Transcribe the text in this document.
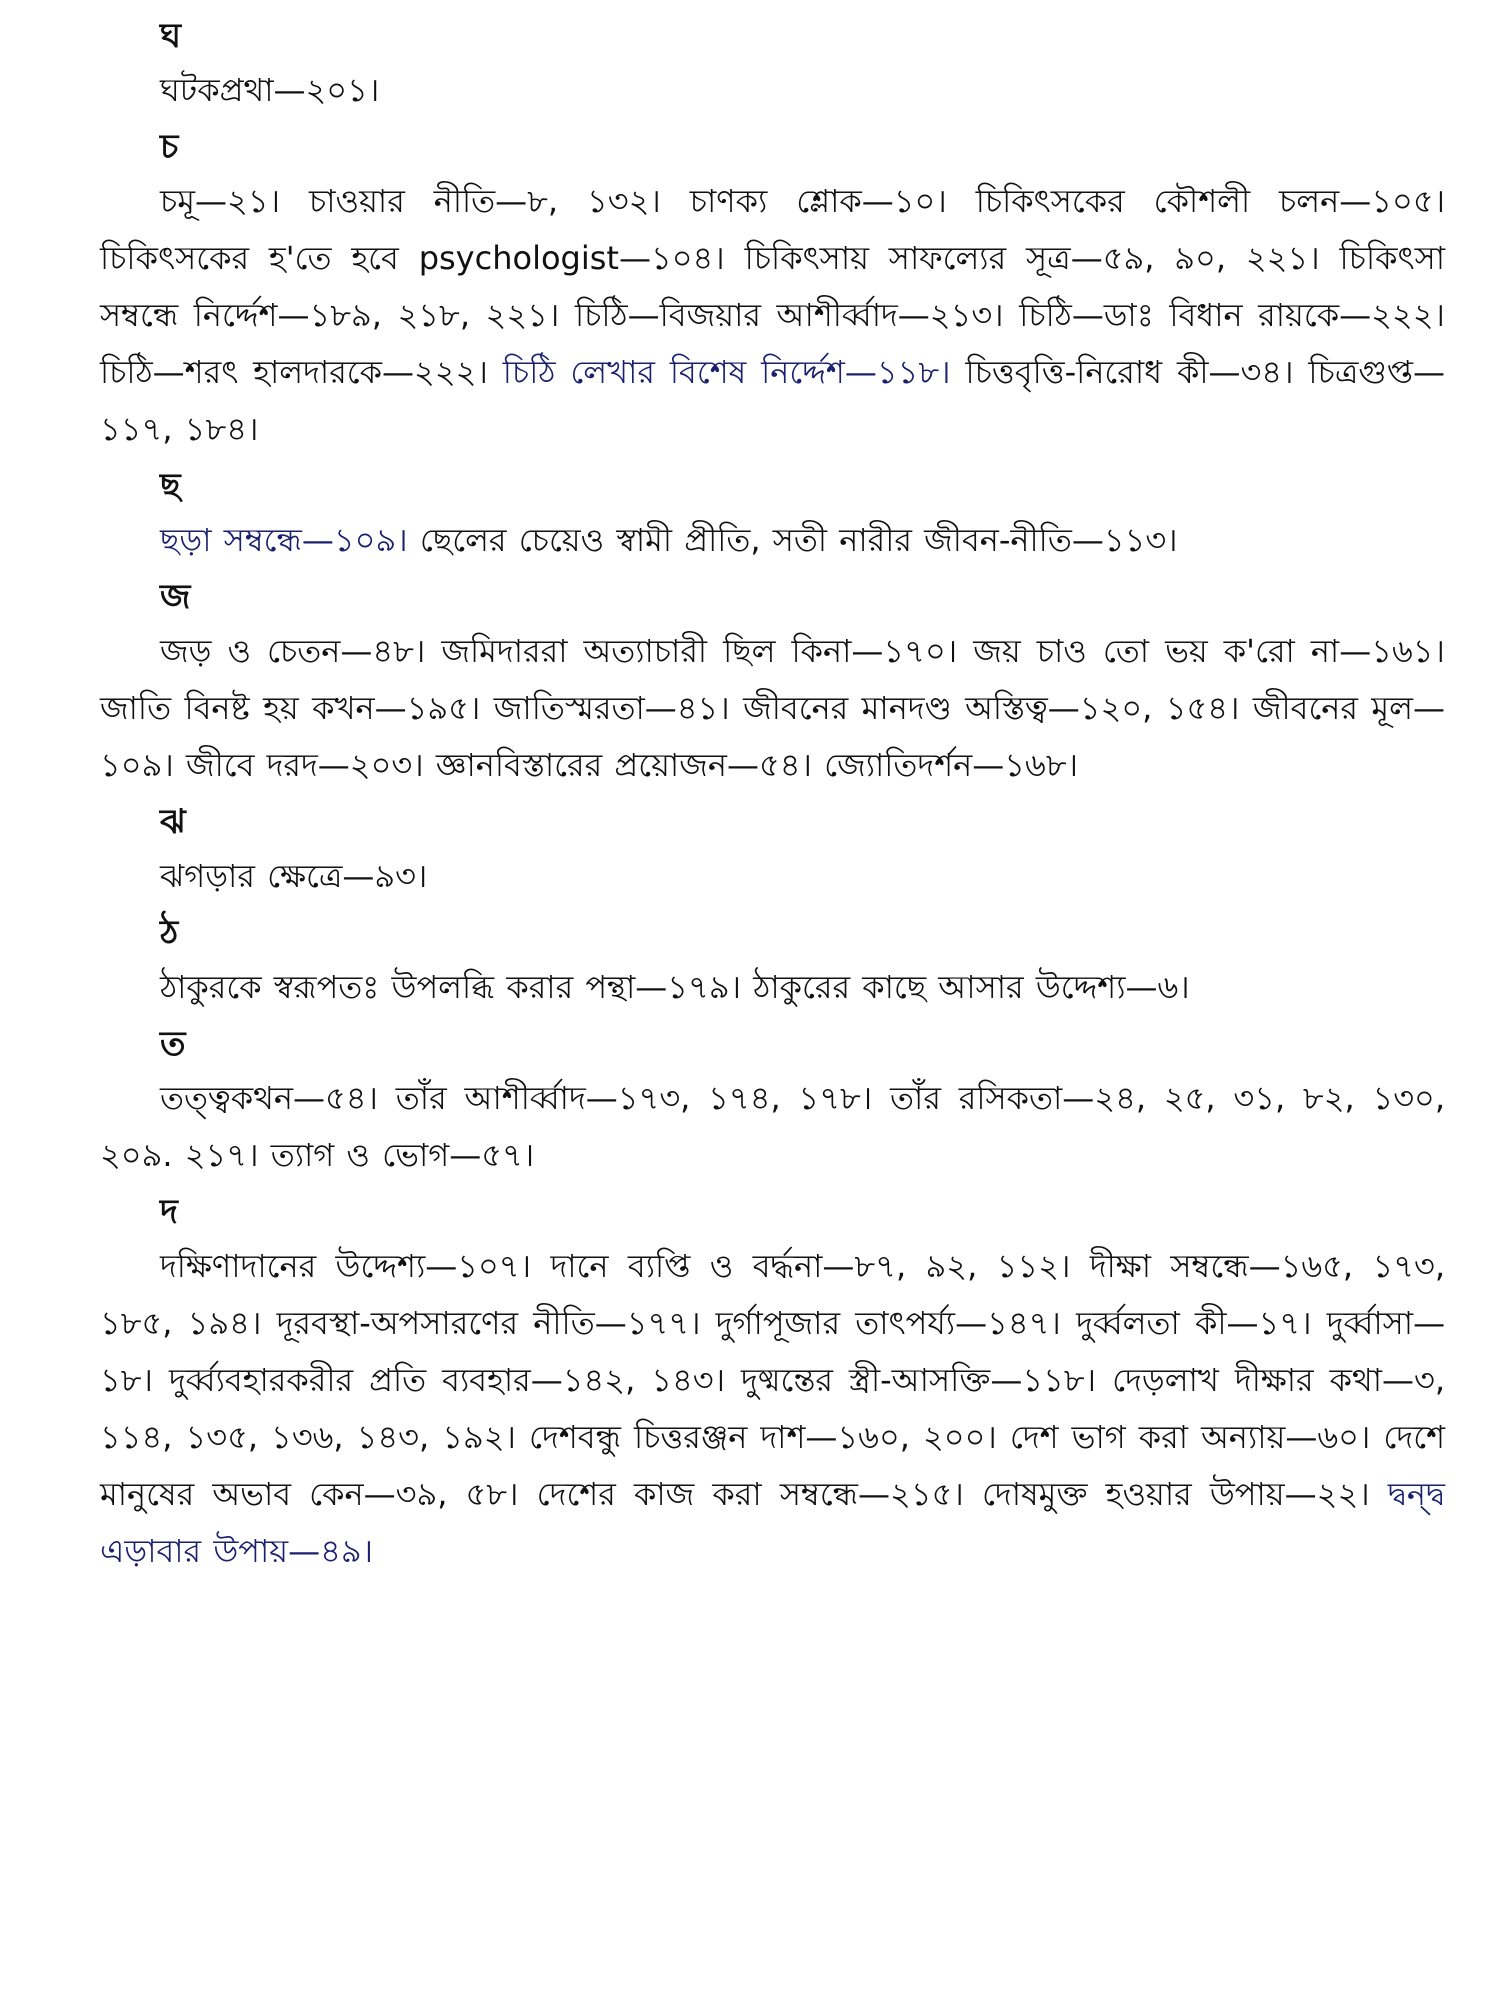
ঘ

ঘটকপ্রথা—২০১।

চ

চমূ—২১। চাওয়ার নীতি—৮, ১৩২। চাণক্য শ্লোক—১০। চিকিৎসকের কৌশলী চলন—১০৫। চিকিৎসকের হ'তে হবে psychologist—১০৪। চিকিৎসায় সাফল্যের সূত্র—৫৯, ৯০, ২২১। চিকিৎসা সম্বন্ধে নির্দ্দেশ—১৮৯, ২১৮, ২২১। চিঠি—বিজয়ার আশীর্ব্বাদ—২১৩। চিঠি—ডাঃ বিধান রায়কে—২২২। চিঠি—শরৎ হালদারকে—২২২। চিঠি লেখার বিশেষ নির্দ্দেশ—১১৮। চিত্তবৃত্তি-নিরোধ কী—৩৪। চিত্রগুপ্ত—১১৭, ১৮৪।

ছ

ছড়া সম্বন্ধে—১০৯। ছেলের চেয়েও স্বামী প্রীতি, সতী নারীর জীবন-নীতি—১১৩।

জ

জড় ও চেতন—৪৮। জমিদাররা অত্যাচারী ছিল কিনা—১৭০। জয় চাও তো ভয় ক'রো না—১৬১। জাতি বিনষ্ট হয় কখন—১৯৫। জাতিস্মরতা—৪১। জীবনের মানদণ্ড অস্তিত্ব—১২০, ১৫৪। জীবনের মূল—১০৯। জীবে দরদ—২০৩। জ্ঞানবিস্তারের প্রয়োজন—৫৪। জ্যোতিদর্শন—১৬৮।

ঝ

ঝগড়ার ক্ষেত্রে—৯৩।

ঠ

ঠাকুরকে স্বরূপতঃ উপলব্ধি করার পন্থা—১৭৯। ঠাকুরের কাছে আসার উদ্দেশ্য—৬।

ত

তত্ত্বকথন—৫৪। তাঁর আশীর্ব্বাদ—১৭৩, ১৭৪, ১৭৮। তাঁর রসিকতা—২৪, ২৫, ৩১, ৮২, ১৩০, ২০৯. ২১৭। ত্যাগ ও ভোগ—৫৭।

দ

দক্ষিণাদানের উদ্দেশ্য—১০৭। দানে ব্যপ্তি ও বর্দ্ধনা—৮৭, ৯২, ১১২। দীক্ষা সম্বন্ধে—১৬৫, ১৭৩, ১৮৫, ১৯৪। দূরবস্থা-অপসারণের নীতি—১৭৭। দুর্গাপূজার তাৎপর্য্য—১৪৭। দুর্ব্বলতা কী—১৭। দুর্ব্বাসা—১৮। দুর্ব্ব্যবহারকরীর প্রতি ব্যবহার—১৪২, ১৪৩। দুষ্মন্তের স্ত্রী-আসক্তি—১১৮। দেড়লাখ দীক্ষার কথা—৩, ১১৪, ১৩৫, ১৩৬, ১৪৩, ১৯২। দেশবন্ধু চিত্তরঞ্জন দাশ—১৬০, ২০০। দেশ ভাগ করা অন্যায়—৬০। দেশে মানুষের অভাব কেন—৩৯, ৫৮। দেশের কাজ করা সম্বন্ধে—২১৫। দোষমুক্ত হওয়ার উপায়—২২। দ্বন্দ্ব এড়াবার উপায়—৪৯।
